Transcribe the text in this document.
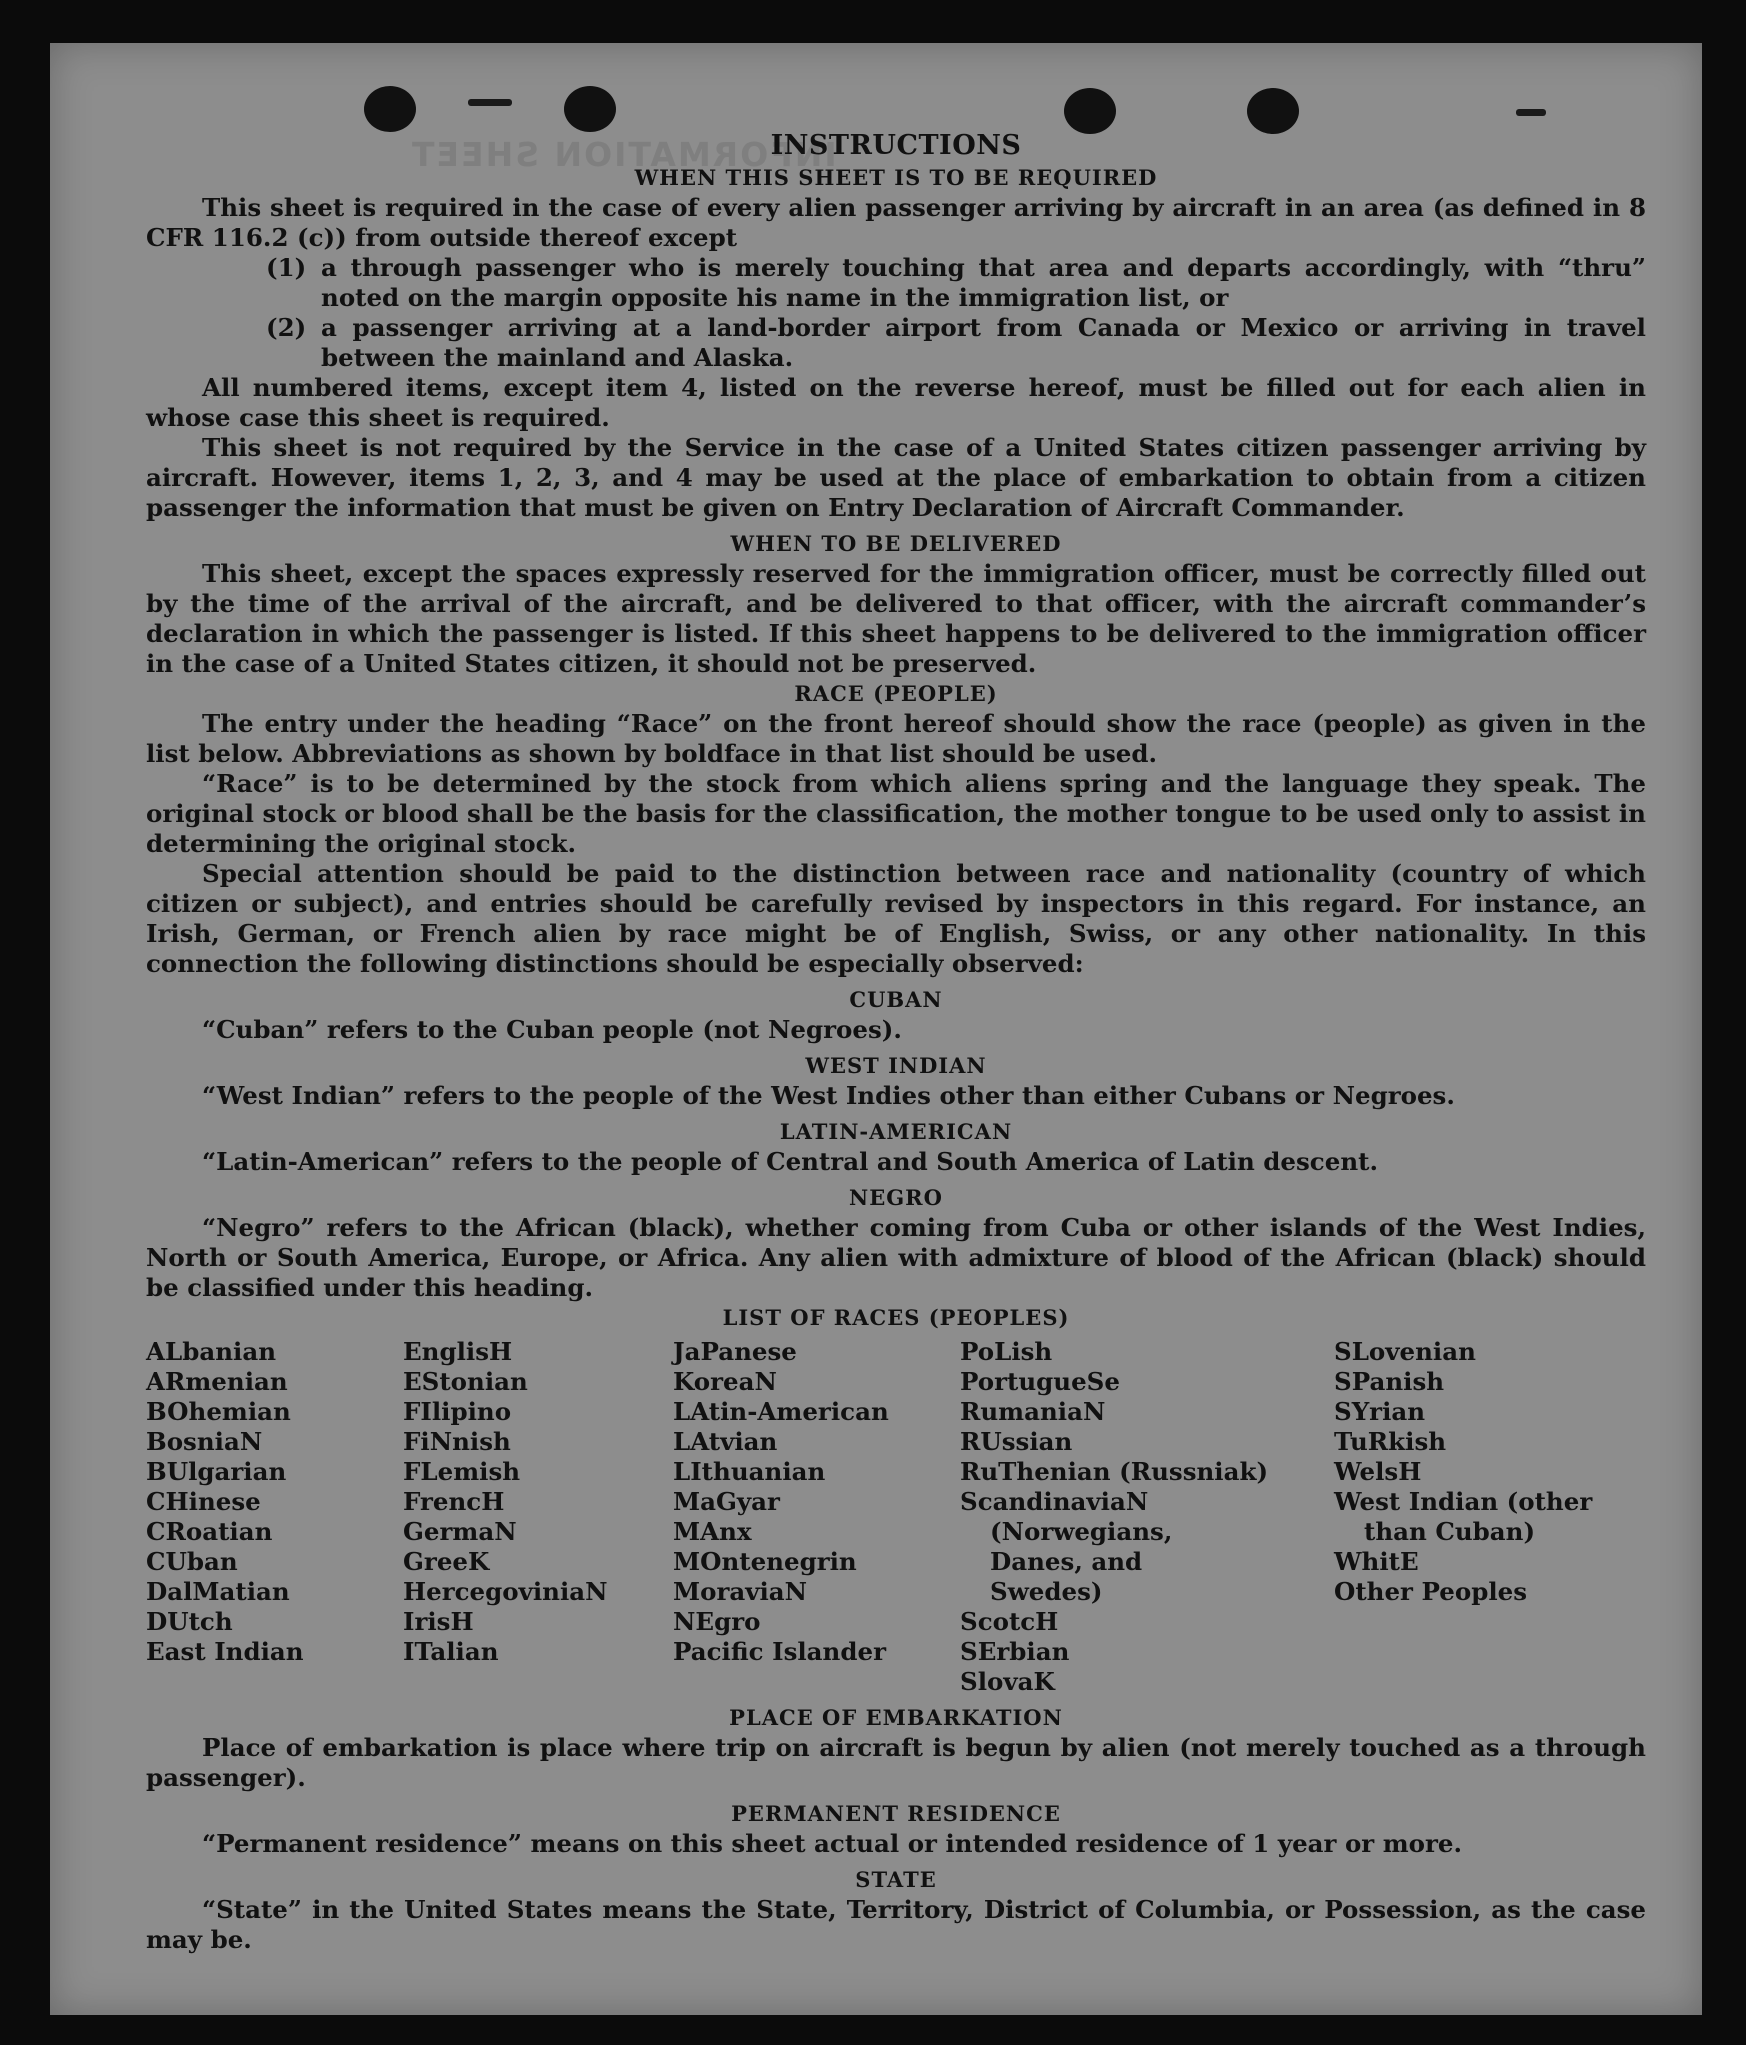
INFORMATION SHEET
INSTRUCTIONS
WHEN THIS SHEET IS TO BE REQUIRED

This sheet is required in the case of every alien passenger arriving by aircraft in an area (as defined in 8 CFR 116.2 (c)) from outside thereof except

(1) a through passenger who is merely touching that area and departs accordingly, with “thru” noted on the margin opposite his name in the immigration list, or
(2) a passenger arriving at a land-border airport from Canada or Mexico or arriving in travel between the mainland and Alaska.

All numbered items, except item 4, listed on the reverse hereof, must be filled out for each alien in whose case this sheet is required.

This sheet is not required by the Service in the case of a United States citizen passenger arriving by aircraft. However, items 1, 2, 3, and 4 may be used at the place of embarkation to obtain from a citizen passenger the information that must be given on Entry Declaration of Aircraft Commander.

WHEN TO BE DELIVERED

This sheet, except the spaces expressly reserved for the immigration officer, must be correctly filled out by the time of the arrival of the aircraft, and be delivered to that officer, with the aircraft commander’s declaration in which the passenger is listed. If this sheet happens to be delivered to the immigration officer in the case of a United States citizen, it should not be preserved.

RACE (PEOPLE)

The entry under the heading “Race” on the front hereof should show the race (people) as given in the list below. Abbreviations as shown by boldface in that list should be used.

“Race” is to be determined by the stock from which aliens spring and the language they speak. The original stock or blood shall be the basis for the classification, the mother tongue to be used only to assist in determining the original stock.

Special attention should be paid to the distinction between race and nationality (country of which citizen or subject), and entries should be carefully revised by inspectors in this regard. For instance, an Irish, German, or French alien by race might be of English, Swiss, or any other nationality. In this connection the following distinctions should be especially observed:

CUBAN

“Cuban” refers to the Cuban people (not Negroes).

WEST INDIAN

“West Indian” refers to the people of the West Indies other than either Cubans or Negroes.

LATIN-AMERICAN

“Latin-American” refers to the people of Central and South America of Latin descent.

NEGRO

“Negro” refers to the African (black), whether coming from Cuba or other islands of the West Indies, North or South America, Europe, or Africa. Any alien with admixture of blood of the African (black) should be classified under this heading.

LIST OF RACES (PEOPLES)
ALbanian
ARmenian
BOhemian
BosniaN
BUlgarian
CHinese
CRoatian
CUban
DalMatian
DUtch
East Indian
EnglisH
EStonian
FIlipino
FiNnish
FLemish
FrencH
GermaN
GreeK
HercegoviniaN
IrisH
ITalian
JaPanese
KoreaN
LAtin-American
LAtvian
LIthuanian
MaGyar
MAnx
MOntenegrin
MoraviaN
NEgro
Pacific Islander
PoLish
PortugueSe
RumaniaN
RUssian
RuThenian (Russniak)
ScandinaviaN (Norwegians, Danes, and Swedes)
ScotcH
SErbian
SlovaK
SLovenian
SPanish
SYrian
TuRkish
WelsH
West Indian (other than Cuban)
WhitE
Other Peoples
PLACE OF EMBARKATION

Place of embarkation is place where trip on aircraft is begun by alien (not merely touched as a through passenger).

PERMANENT RESIDENCE

“Permanent residence” means on this sheet actual or intended residence of 1 year or more.

STATE

“State” in the United States means the State, Territory, District of Columbia, or Possession, as the case may be.
